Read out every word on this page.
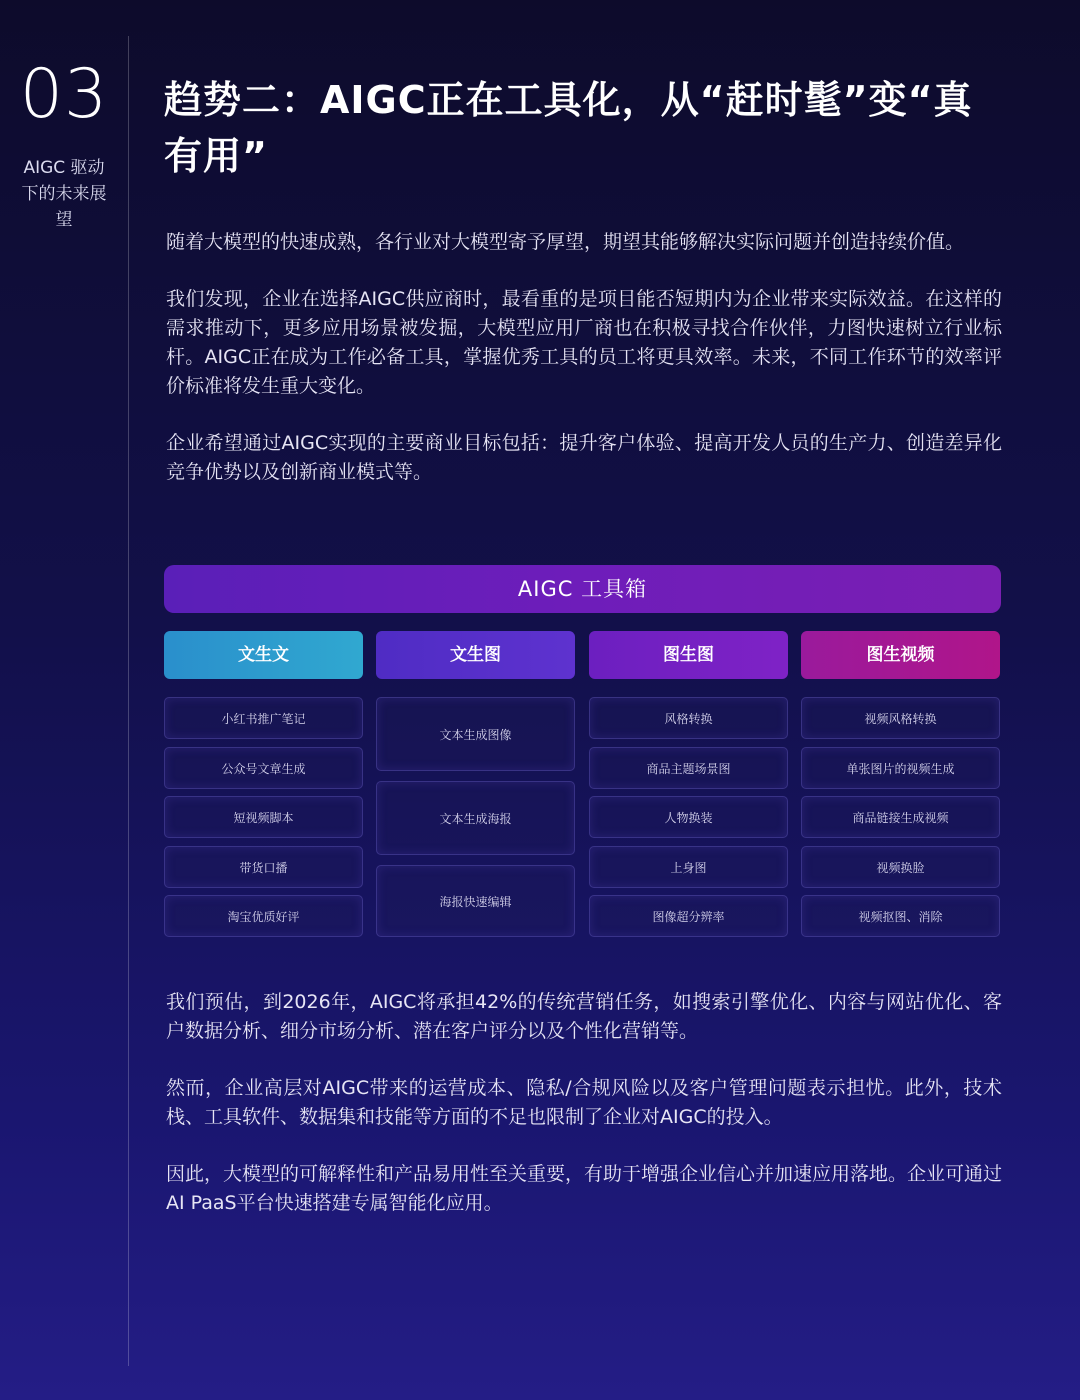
03
AIGC 驱动下的未来展望
趋势二：AIGC正在工具化，从“赶时髦”变“真有用”

随着大模型的快速成熟，各行业对大模型寄予厚望，期望其能够解决实际问题并创造持续价值。

我们发现，企业在选择AIGC供应商时，最看重的是项目能否短期内为企业带来实际效益。在这样的需求推动下，更多应用场景被发掘，大模型应用厂商也在积极寻找合作伙伴，力图快速树立行业标杆。AIGC正在成为工作必备工具，掌握优秀工具的员工将更具效率。未来，不同工作环节的效率评价标准将发生重大变化。

企业希望通过AIGC实现的主要商业目标包括：提升客户体验、提高开发人员的生产力、创造差异化竞争优势以及创新商业模式等。

AIGC 工具箱
文生文
小红书推广笔记
公众号文章生成
短视频脚本
带货口播
淘宝优质好评
文生图
文本生成图像
文本生成海报
海报快速编辑
图生图
风格转换
商品主题场景图
人物换装
上身图
图像超分辨率
图生视频
视频风格转换
单张图片的视频生成
商品链接生成视频
视频换脸
视频抠图、消除

我们预估，到2026年，AIGC将承担42%的传统营销任务，如搜索引擎优化、内容与网站优化、客户数据分析、细分市场分析、潜在客户评分以及个性化营销等。

然而，企业高层对AIGC带来的运营成本、隐私/合规风险以及客户管理问题表示担忧。此外，技术栈、工具软件、数据集和技能等方面的不足也限制了企业对AIGC的投入。

因此，大模型的可解释性和产品易用性至关重要，有助于增强企业信心并加速应用落地。企业可通过AI PaaS平台快速搭建专属智能化应用。
